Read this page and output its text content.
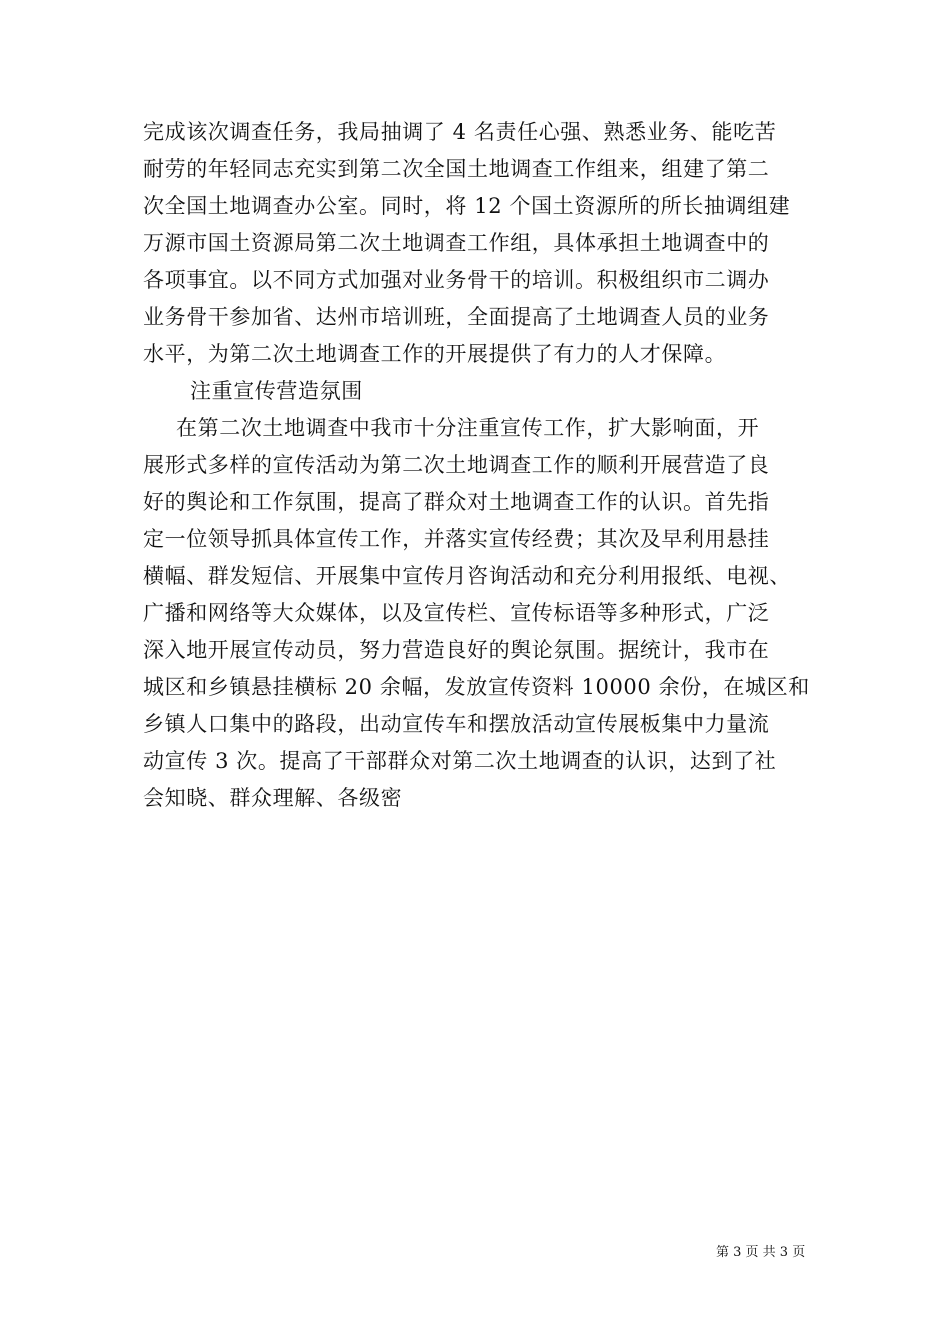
完成该次调查任务，我局抽调了 4 名责任心强、熟悉业务、能吃苦
耐劳的年轻同志充实到第二次全国土地调查工作组来，组建了第二
次全国土地调查办公室。同时，将 12 个国土资源所的所长抽调组建
万源市国土资源局第二次土地调查工作组，具体承担土地调查中的
各项事宜。以不同方式加强对业务骨干的培训。积极组织市二调办
业务骨干参加省、达州市培训班，全面提高了土地调查人员的业务
水平，为第二次土地调查工作的开展提供了有力的人才保障。
注重宣传营造氛围
在第二次土地调查中我市十分注重宣传工作，扩大影响面，开
展形式多样的宣传活动为第二次土地调查工作的顺利开展营造了良
好的舆论和工作氛围，提高了群众对土地调查工作的认识。首先指
定一位领导抓具体宣传工作，并落实宣传经费；其次及早利用悬挂
横幅、群发短信、开展集中宣传月咨询活动和充分利用报纸、电视、
广播和网络等大众媒体，以及宣传栏、宣传标语等多种形式，广泛
深入地开展宣传动员，努力营造良好的舆论氛围。据统计，我市在
城区和乡镇悬挂横标 20 余幅，发放宣传资料 10000 余份，在城区和
乡镇人口集中的路段，出动宣传车和摆放活动宣传展板集中力量流
动宣传 3 次。提高了干部群众对第二次土地调查的认识，达到了社
会知晓、群众理解、各级密
第 3 页 共 3 页
